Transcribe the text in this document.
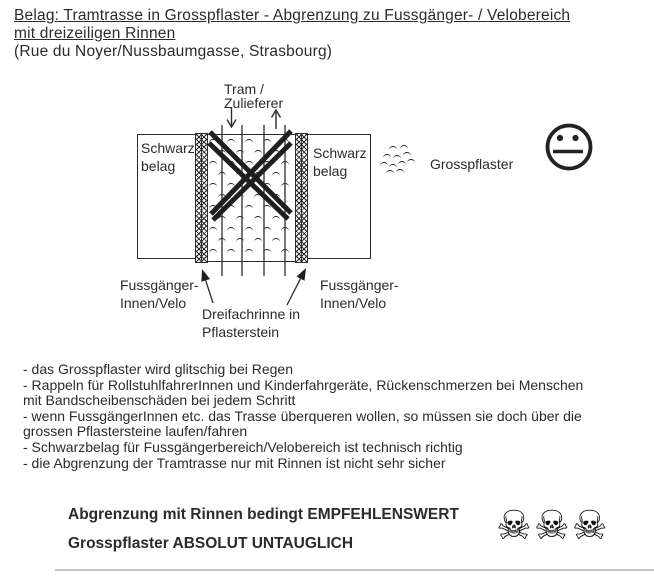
Belag: Tramtrasse in Grosspflaster - Abgrenzung zu Fussgänger- / Velobereich
mit dreizeiligen Rinnen
(Rue du Noyer/Nussbaumgasse, Strasbourg)
Tram /
Zulieferer
Schwarz
belag
Schwarz
belag	Grosspflaster
Fussgänger-
Innen/Velo
Fussgänger-
Innen/Velo
Dreifachrinne in
Pflasterstein
- das Grosspflaster wird glitschig bei Regen
- Rappeln für RollstuhlfahrerInnen und Kinderfahrgeräte, Rückenschmerzen bei Menschen
mit Bandscheibenschäden bei jedem Schritt
- wenn FussgängerInnen etc. das Trasse überqueren wollen, so müssen sie doch über die
grossen Pflastersteine laufen/fahren
- Schwarzbelag für Fussgängerbereich/Velobereich ist technisch richtig
- die Abgrenzung der Tramtrasse nur mit Rinnen ist nicht sehr sicher
Abgrenzung mit Rinnen bedingt EMPFEHLENSWERT
Grosspflaster ABSOLUT UNTAUGLICH	☠ ☠ ☠
